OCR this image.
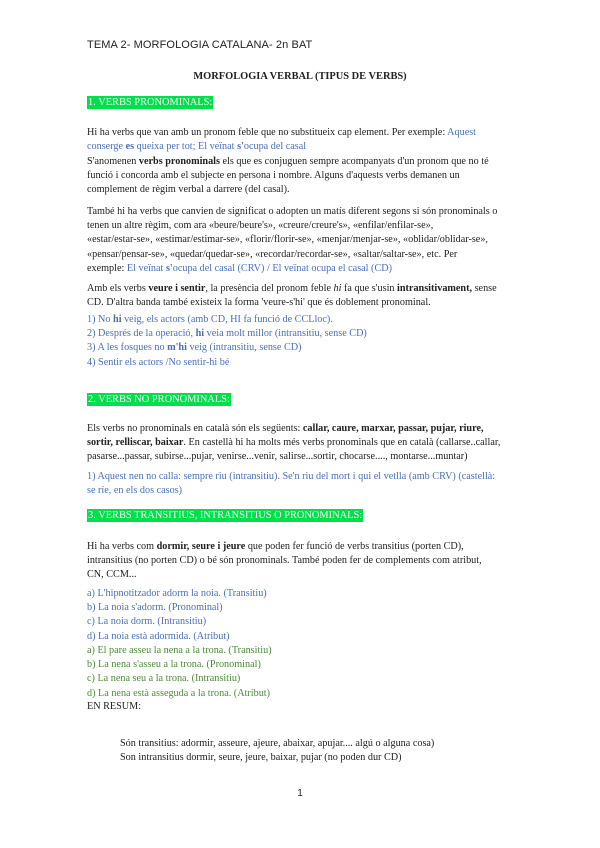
TEMA 2- MORFOLOGIA CATALANA- 2n BAT
MORFOLOGIA VERBAL (TIPUS DE VERBS)
1. VERBS PRONOMINALS:
Hi ha verbs que van amb un pronom feble que no substitueix cap element. Per exemple: Aquest
conserge es queixa per tot; El veïnat s'ocupa del casal
S'anomenen verbs pronominals els que es conjuguen sempre acompanyats d'un pronom que no té
funció i concorda amb el subjecte en persona i nombre. Alguns d'aquests verbs demanen un
complement de règim verbal a darrere (del casal).
També hi ha verbs que canvien de significat o adopten un matís diferent segons si són pronominals o
tenen un altre règim, com ara «beure/beure's», «creure/creure's», «enfilar/enfilar-se»,
«estar/estar-se», «estimar/estimar-se», «florir/florir-se», «menjar/menjar-se», «oblidar/oblidar-se»,
«pensar/pensar-se», «quedar/quedar-se», «recordar/recordar-se», «saltar/saltar-se», etc. Per
exemple: El veïnat s'ocupa del casal (CRV) / El veïnat ocupa el casal (CD)
Amb els verbs veure i sentir, la presència del pronom feble hi fa que s'usin intransitivament, sense
CD. D'altra banda també existeix la forma 'veure-s'hi' que és doblement pronominal.
1) No hi veig, els actors (amb CD, HI fa funció de CCLloc).
2) Després de la operació, hi veia molt millor (intransitiu, sense CD)
3) A les fosques no m'hi veig (intransitiu, sense CD)
4) Sentir els actors /No sentir-hi bé
2. VERBS NO PRONOMINALS:
Els verbs no pronominals en català són els següents: callar, caure, marxar, passar, pujar, riure,
sortir, relliscar, baixar. En castellà hi ha molts més verbs pronominals que en català (callarse..callar,
pasarse...passar, subirse...pujar, venirse...venir, salirse...sortir, chocarse...., montarse...muntar)
1) Aquest nen no calla: sempre riu (intransitiu). Se'n riu del mort i qui el vetlla (amb CRV) (castellà:
se ríe, en els dos casos)
3. VERBS TRANSITIUS, INTRANSITIUS O PRONOMINALS:
Hi ha verbs com dormir, seure i jeure que poden fer funció de verbs transitius (porten CD),
intransitius (no porten CD) o bé són pronominals. També poden fer de complements com atribut,
CN, CCM...
a) L'hipnotitzador adorm la noia. (Transitiu)
b) La noia s'adorm. (Pronominal)
c) La noia dorm. (Intransitiu)
d) La noia està adormida. (Atribut)
a) El pare asseu la nena a la trona. (Transitiu)
b) La nena s'asseu a la trona. (Pronominal)
c) La nena seu a la trona. (Intransitiu)
d) La nena està asseguda a la trona. (Atribut)
EN RESUM:
Són transitius: adormir, asseure, ajeure, abaixar, apujar.... algú o alguna cosa)
Son intransitius dormir, seure, jeure, baixar, pujar (no poden dur CD)
1
